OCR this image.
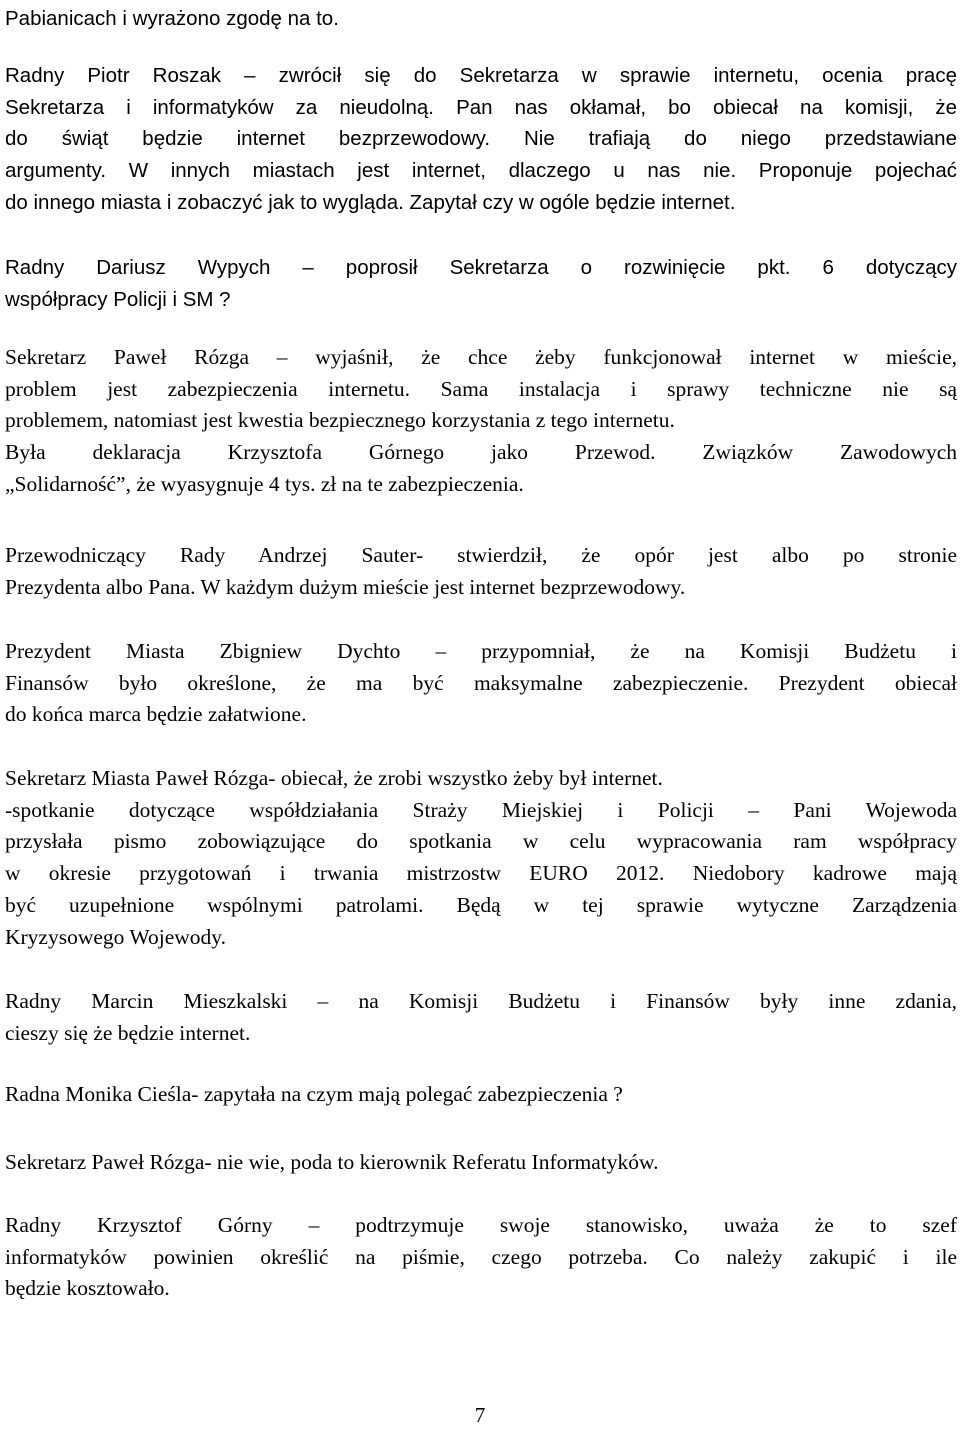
Pabianicach i wyrażono zgodę na to.

Radny Piotr Roszak – zwrócił się do Sekretarza w sprawie internetu, ocenia pracę

Sekretarza i informatyków za nieudolną. Pan nas okłamał, bo obiecał na komisji, że

do świąt będzie internet bezprzewodowy. Nie trafiają do niego przedstawiane

argumenty. W innych miastach jest internet, dlaczego u nas nie. Proponuje pojechać

do innego miasta i zobaczyć jak to wygląda. Zapytał czy w ogóle będzie internet.

Radny Dariusz Wypych – poprosił Sekretarza o rozwinięcie pkt. 6 dotyczący

współpracy Policji i SM ?

Sekretarz Paweł Rózga – wyjaśnił, że chce żeby funkcjonował internet w mieście,

problem jest zabezpieczenia internetu. Sama instalacja i sprawy techniczne nie są

problemem, natomiast jest kwestia bezpiecznego korzystania z tego internetu.

Była deklaracja Krzysztofa Górnego jako Przewod. Związków Zawodowych

„Solidarność”, że wyasygnuje 4 tys. zł na te zabezpieczenia.

Przewodniczący Rady Andrzej Sauter- stwierdził, że opór jest albo po stronie

Prezydenta albo Pana. W każdym dużym mieście jest internet bezprzewodowy.

Prezydent Miasta Zbigniew Dychto – przypomniał, że na Komisji Budżetu i

Finansów było określone, że ma być maksymalne zabezpieczenie. Prezydent obiecał

do końca marca będzie załatwione.

Sekretarz Miasta Paweł Rózga- obiecał, że zrobi wszystko żeby był internet.

-spotkanie dotyczące współdziałania Straży Miejskiej i Policji – Pani Wojewoda

przysłała pismo zobowiązujące do spotkania w celu wypracowania ram współpracy

w okresie przygotowań i trwania mistrzostw EURO 2012. Niedobory kadrowe mają

być uzupełnione wspólnymi patrolami. Będą w tej sprawie wytyczne Zarządzenia

Kryzysowego Wojewody.

Radny Marcin Mieszkalski – na Komisji Budżetu i Finansów były inne zdania,

cieszy się że będzie internet.

Radna Monika Cieśla- zapytała na czym mają polegać zabezpieczenia ?

Sekretarz Paweł Rózga- nie wie, poda to kierownik Referatu Informatyków.

Radny Krzysztof Górny – podtrzymuje swoje stanowisko, uważa że to szef

informatyków powinien określić na piśmie, czego potrzeba. Co należy zakupić i ile

będzie kosztowało.

7
